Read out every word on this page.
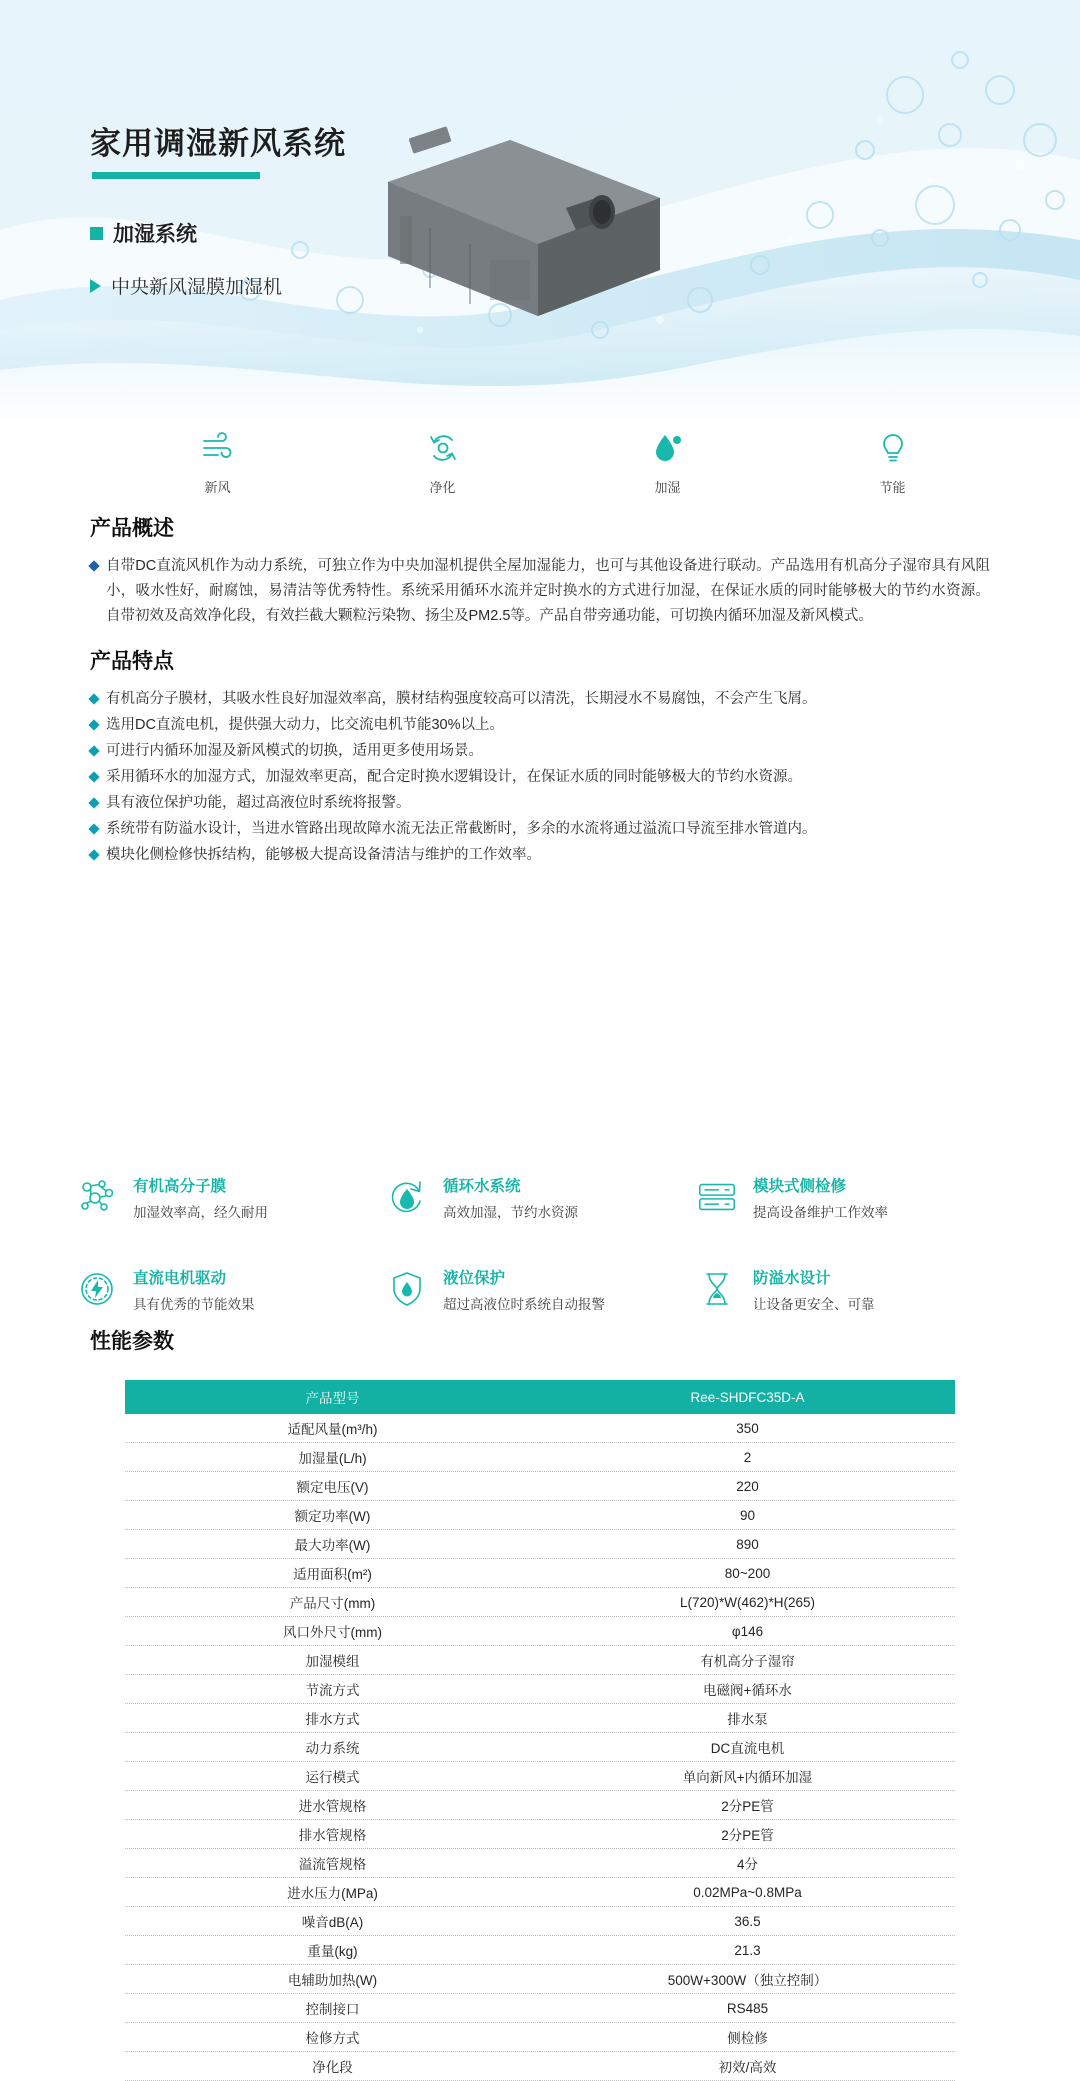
家用调湿新风系统
加湿系统
中央新风湿膜加湿机
新风	净化	加湿	节能
产品概述
自带DC直流风机作为动力系统，可独立作为中央加湿机提供全屋加湿能力，也可与其他设备进行联动。产品选用有机高分子湿帘具有风阻小，吸水性好，耐腐蚀，易清洁等优秀特性。系统采用循环水流并定时换水的方式进行加湿，在保证水质的同时能够极大的节约水资源。自带初效及高效净化段，有效拦截大颗粒污染物、扬尘及PM2.5等。产品自带旁通功能，可切换内循环加湿及新风模式。
产品特点
有机高分子膜材，其吸水性良好加湿效率高，膜材结构强度较高可以清洗，长期浸水不易腐蚀，不会产生飞屑。
选用DC直流电机，提供强大动力，比交流电机节能30%以上。
可进行内循环加湿及新风模式的切换，适用更多使用场景。
采用循环水的加湿方式，加湿效率更高，配合定时换水逻辑设计，在保证水质的同时能够极大的节约水资源。
具有液位保护功能，超过高液位时系统将报警。
系统带有防溢水设计，当进水管路出现故障水流无法正常截断时，多余的水流将通过溢流口导流至排水管道内。
模块化侧检修快拆结构，能够极大提高设备清洁与维护的工作效率。
有机高分子膜
加湿效率高，经久耐用
循环水系统
高效加湿，节约水资源
模块式侧检修
提高设备维护工作效率
直流电机驱动
具有优秀的节能效果
液位保护
超过高液位时系统自动报警
防溢水设计
让设备更安全、可靠
性能参数
产品型号	Ree-SHDFC35D-A
适配风量(m³/h)	350
加湿量(L/h)	2
额定电压(V)	220
额定功率(W)	90
最大功率(W)	890
适用面积(m²)	80~200
产品尺寸(mm)	L(720)*W(462)*H(265)
风口外尺寸(mm)	φ146
加湿模组	有机高分子湿帘
节流方式	电磁阀+循环水
排水方式	排水泵
动力系统	DC直流电机
运行模式	单向新风+内循环加湿
进水管规格	2分PE管
排水管规格	2分PE管
溢流管规格	4分
进水压力(MPa)	0.02MPa~0.8MPa
噪音dB(A)	36.5
重量(kg)	21.3
电辅助加热(W)	500W+300W（独立控制）
控制接口	RS485
检修方式	侧检修
净化段	初效/高效
